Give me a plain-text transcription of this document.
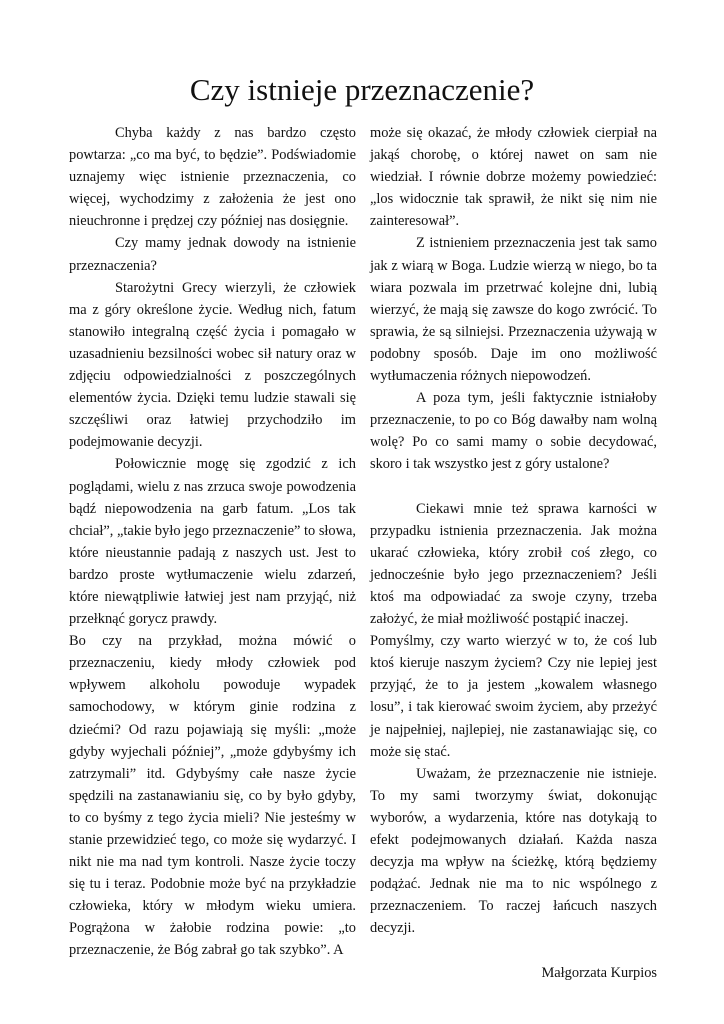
Czy istnieje przeznaczenie?

Chyba każdy z nas bardzo często powtarza: „co ma być, to będzie”. Podświadomie uznajemy więc istnienie przeznaczenia, co więcej, wychodzimy z założenia że jest ono nieuchronne i prędzej czy później nas dosięgnie.

Czy mamy jednak dowody na istnienie przeznaczenia?

Starożytni Grecy wierzyli, że człowiek ma z góry określone życie. Według nich, fatum stanowiło integralną część życia i pomagało w uzasadnieniu bezsilności wobec sił natury oraz w zdjęciu odpowiedzialności z poszczególnych elementów życia. Dzięki temu ludzie stawali się szczęśliwi oraz łatwiej przychodziło im podejmowanie decyzji.

Połowicznie mogę się zgodzić z ich poglądami, wielu z nas zrzuca swoje powodzenia bądź niepowodzenia na garb fatum. „Los tak chciał”, „takie było jego przeznaczenie” to słowa, które nieustannie padają z naszych ust. Jest to bardzo proste wytłumaczenie wielu zdarzeń, które niewątpliwie łatwiej jest nam przyjąć, niż przełknąć gorycz prawdy.

Bo czy na przykład, można mówić o przeznaczeniu, kiedy młody człowiek pod wpływem alkoholu powoduje wypadek samochodowy, w którym ginie rodzina z dziećmi? Od razu pojawiają się myśli: „może gdyby wyjechali później”, „może gdybyśmy ich zatrzymali” itd. Gdybyśmy całe nasze życie spędzili na zastanawianiu się, co by było gdyby, to co byśmy z tego życia mieli? Nie jesteśmy w stanie przewidzieć tego, co może się wydarzyć. I nikt nie ma nad tym kontroli. Nasze życie toczy się tu i teraz. Podobnie może być na przykładzie człowieka, który w młodym wieku umiera. Pogrążona w żałobie rodzina powie: „to przeznaczenie, że Bóg zabrał go tak szybko”. A

może się okazać, że młody człowiek cierpiał na jakąś chorobę, o której nawet on sam nie wiedział. I równie dobrze możemy powiedzieć: „los widocznie tak sprawił, że nikt się nim nie zainteresował”.

Z istnieniem przeznaczenia jest tak samo jak z wiarą w Boga. Ludzie wierzą w niego, bo ta wiara pozwala im przetrwać kolejne dni, lubią wierzyć, że mają się zawsze do kogo zwrócić. To sprawia, że są silniejsi. Przeznaczenia używają w podobny sposób. Daje im ono możliwość wytłumaczenia różnych niepowodzeń.

A poza tym, jeśli faktycznie istniałoby przeznaczenie, to po co Bóg dawałby nam wolną wolę? Po co sami mamy o sobie decydować, skoro i tak wszystko jest z góry ustalone?

Ciekawi mnie też sprawa karności w przypadku istnienia przeznaczenia. Jak można ukarać człowieka, który zrobił coś złego, co jednocześnie było jego przeznaczeniem? Jeśli ktoś ma odpowiadać za swoje czyny, trzeba założyć, że miał możliwość postąpić inaczej.

Pomyślmy, czy warto wierzyć w to, że coś lub ktoś kieruje naszym życiem? Czy nie lepiej jest przyjąć, że to ja jestem „kowalem własnego losu”, i tak kierować swoim życiem, aby przeżyć je najpełniej, najlepiej, nie zastanawiając się, co może się stać.

Uważam, że przeznaczenie nie istnieje. To my sami tworzymy świat, dokonując wyborów, a wydarzenia, które nas dotykają to efekt podejmowanych działań. Każda nasza decyzja ma wpływ na ścieżkę, którą będziemy podążać. Jednak nie ma to nic wspólnego z przeznaczeniem. To raczej łańcuch naszych decyzji.

Małgorzata Kurpios
